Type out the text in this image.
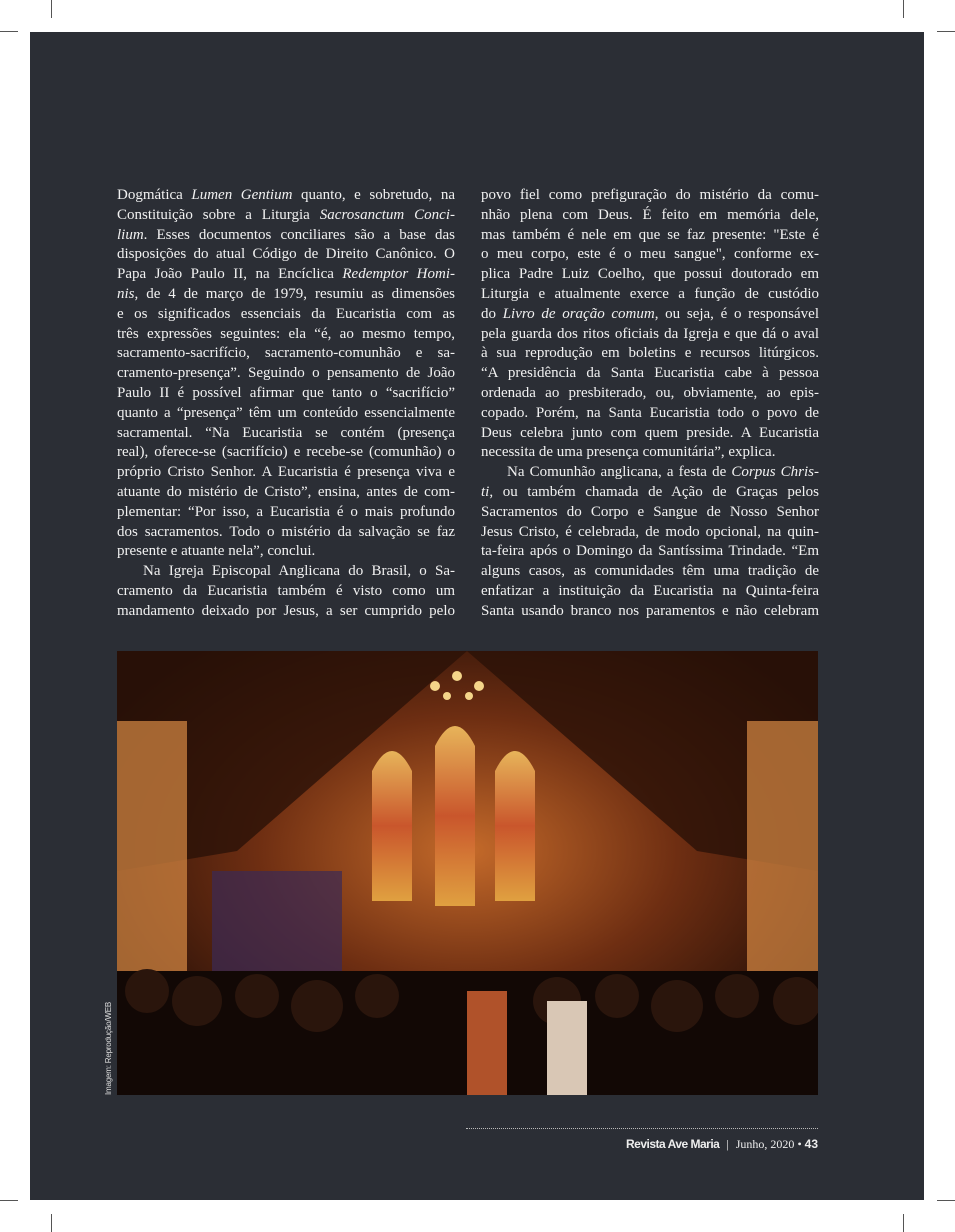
Dogmática Lumen Gentium quanto, e sobretudo, na
Constituição sobre a Liturgia Sacrosanctum Conci-
lium. Esses documentos conciliares são a base das
disposições do atual Código de Direito Canônico. O
Papa João Paulo II, na Encíclica Redemptor Homi-
nis, de 4 de março de 1979, resumiu as dimensões
e os significados essenciais da Eucaristia com as
três expressões seguintes: ela “é, ao mesmo tempo,
sacramento-sacrifício, sacramento-comunhão e sa-
cramento-presença”. Seguindo o pensamento de João
Paulo II é possível afirmar que tanto o “sacrifício”
quanto a “presença” têm um conteúdo essencialmente
sacramental. “Na Eucaristia se contém (presença
real), oferece-se (sacrifício) e recebe-se (comunhão) o
próprio Cristo Senhor. A Eucaristia é presença viva e
atuante do mistério de Cristo”, ensina, antes de com-
plementar: “Por isso, a Eucaristia é o mais profundo
dos sacramentos. Todo o mistério da salvação se faz
presente e atuante nela”, conclui.
Na Igreja Episcopal Anglicana do Brasil, o Sa-
cramento da Eucaristia também é visto como um
mandamento deixado por Jesus, a ser cumprido pelo
povo fiel como prefiguração do mistério da comu-
nhão plena com Deus. É feito em memória dele,
mas também é nele em que se faz presente: "Este é
o meu corpo, este é o meu sangue", conforme ex-
plica Padre Luiz Coelho, que possui doutorado em
Liturgia e atualmente exerce a função de custódio
do Livro de oração comum, ou seja, é o responsável
pela guarda dos ritos oficiais da Igreja e que dá o aval
à sua reprodução em boletins e recursos litúrgicos.
“A presidência da Santa Eucaristia cabe à pessoa
ordenada ao presbiterado, ou, obviamente, ao epis-
copado. Porém, na Santa Eucaristia todo o povo de
Deus celebra junto com quem preside. A Eucaristia
necessita de uma presença comunitária”, explica.
Na Comunhão anglicana, a festa de Corpus Chris-
ti, ou também chamada de Ação de Graças pelos
Sacramentos do Corpo e Sangue de Nosso Senhor
Jesus Cristo, é celebrada, de modo opcional, na quin-
ta-feira após o Domingo da Santíssima Trindade. “Em
alguns casos, as comunidades têm uma tradição de
enfatizar a instituição da Eucaristia na Quinta-feira
Santa usando branco nos paramentos e não celebram
Imagem: Reprodução/WEB
Revista Ave Maria | Junho, 2020 • 43
